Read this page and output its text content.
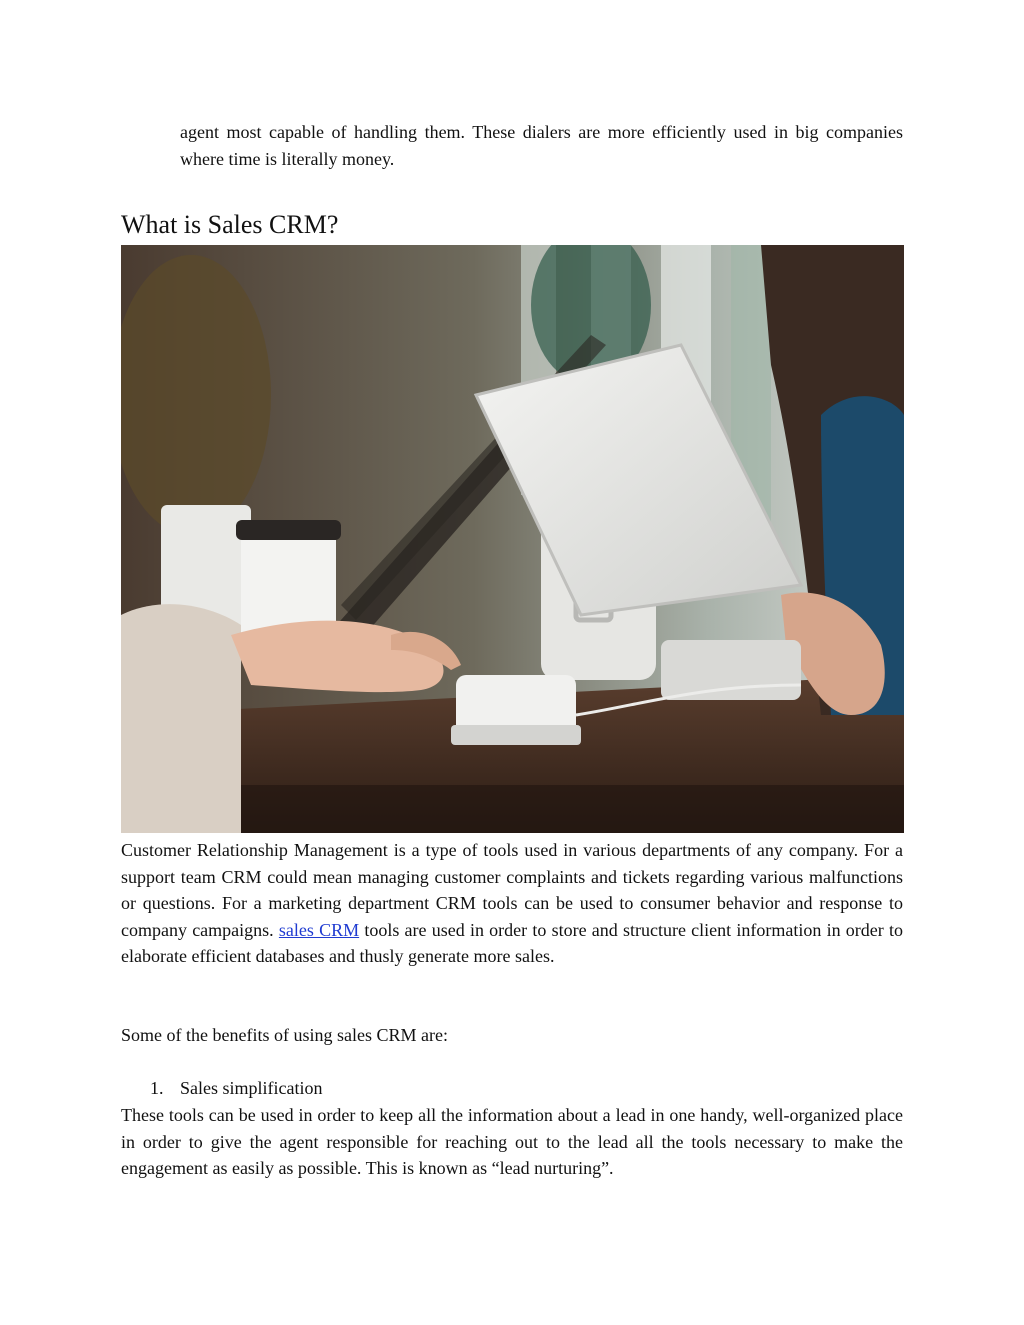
agent most capable of handling them. These dialers are more efficiently used in big companies where time is literally money.

What is Sales CRM?

Customer Relationship Management is a type of tools used in various departments of any company. For a support team CRM could mean managing customer complaints and tickets regarding various malfunctions or questions. For a marketing department CRM tools can be used to consumer behavior and response to company campaigns. sales CRM tools are used in order to store and structure client information in order to elaborate efficient databases and thusly generate more sales.

Some of the benefits of using sales CRM are:

1. Sales simplification

These tools can be used in order to keep all the information about a lead in one handy, well-organized place in order to give the agent responsible for reaching out to the lead all the tools necessary to make the engagement as easily as possible. This is known as “lead nurturing”.
